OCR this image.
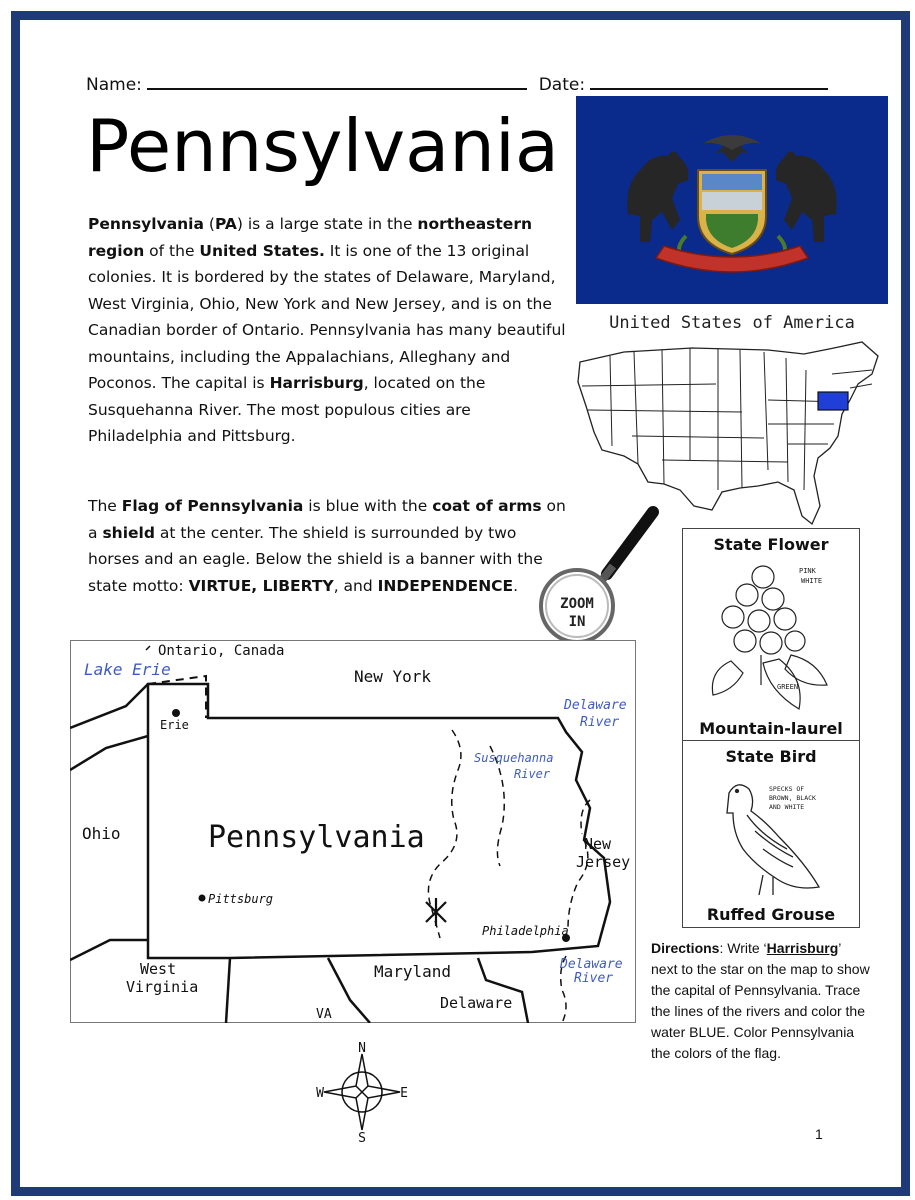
Name:	Date:
Pennsylvania
Pennsylvania (PA) is a large state in the northeastern region of the United States. It is one of the 13 original colonies. It is bordered by the states of Delaware, Maryland, West Virginia, Ohio, New York and New Jersey, and is on the Canadian border of Ontario. Pennsylvania has many beautiful mountains, including the Appalachians, Alleghany and Poconos. The capital is Harrisburg, located on the Susquehanna River. The most populous cities are Philadelphia and Pittsburg.
The Flag of Pennsylvania is blue with the coat of arms on a shield at the center. The shield is surrounded by two horses and an eagle. Below the shield is a banner with the state motto: VIRTUE, LIBERTY, and INDEPENDENCE.
United States of America
ZOOM
IN
State Flower
PINK
WHITE
GREEN
Mountain-laurel
State Bird
SPECKS OF
BROWN, BLACK
AND WHITE
Ruffed Grouse
Ontario, Canada
Lake Erie
Erie
New York
Delaware
River
Susquehanna
River
Ohio	Pennsylvania	New
Jersey
Pittsburg
Philadelphia
West
Virginia
Maryland	Delaware
River
Delaware
VA
N
S
E
W
Directions: Write ‘Harrisburg’ next to the star on the map to show the capital of Pennsylvania. Trace the lines of the rivers and color the water BLUE. Color Pennsylvania the colors of the flag.
1
